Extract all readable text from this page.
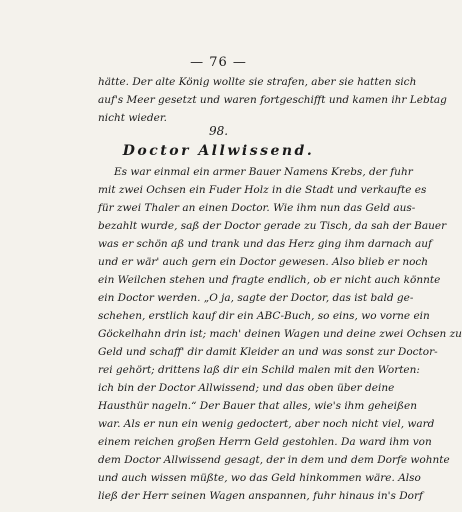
— 76 —
hätte. Der alte König wollte sie strafen, aber sie hatten sich
auf's Meer gesetzt und waren fortgeschifft und kamen ihr Lebtag
nicht wieder.
98.
Doctor Allwissend.
Es war einmal ein armer Bauer Namens Krebs, der fuhr
mit zwei Ochsen ein Fuder Holz in die Stadt und verkaufte es
für zwei Thaler an einen Doctor. Wie ihm nun das Geld aus-
bezahlt wurde, saß der Doctor gerade zu Tisch, da sah der Bauer
was er schön aß und trank und das Herz ging ihm darnach auf
und er wär' auch gern ein Doctor gewesen. Also blieb er noch
ein Weilchen stehen und fragte endlich, ob er nicht auch könnte
ein Doctor werden. „O ja, sagte der Doctor, das ist bald ge-
schehen, erstlich kauf dir ein ABC-Buch, so eins, wo vorne ein
Göckelhahn drin ist; mach' deinen Wagen und deine zwei Ochsen zu
Geld und schaff' dir damit Kleider an und was sonst zur Doctor-
rei gehört; drittens laß dir ein Schild malen mit den Worten:
ich bin der Doctor Allwissend; und das oben über deine
Hausthür nageln.“ Der Bauer that alles, wie's ihm geheißen
war. Als er nun ein wenig gedoctert, aber noch nicht viel, ward
einem reichen großen Herrn Geld gestohlen. Da ward ihm von
dem Doctor Allwissend gesagt, der in dem und dem Dorfe wohnte
und auch wissen müßte, wo das Geld hinkommen wäre. Also
ließ der Herr seinen Wagen anspannen, fuhr hinaus in's Dorf
